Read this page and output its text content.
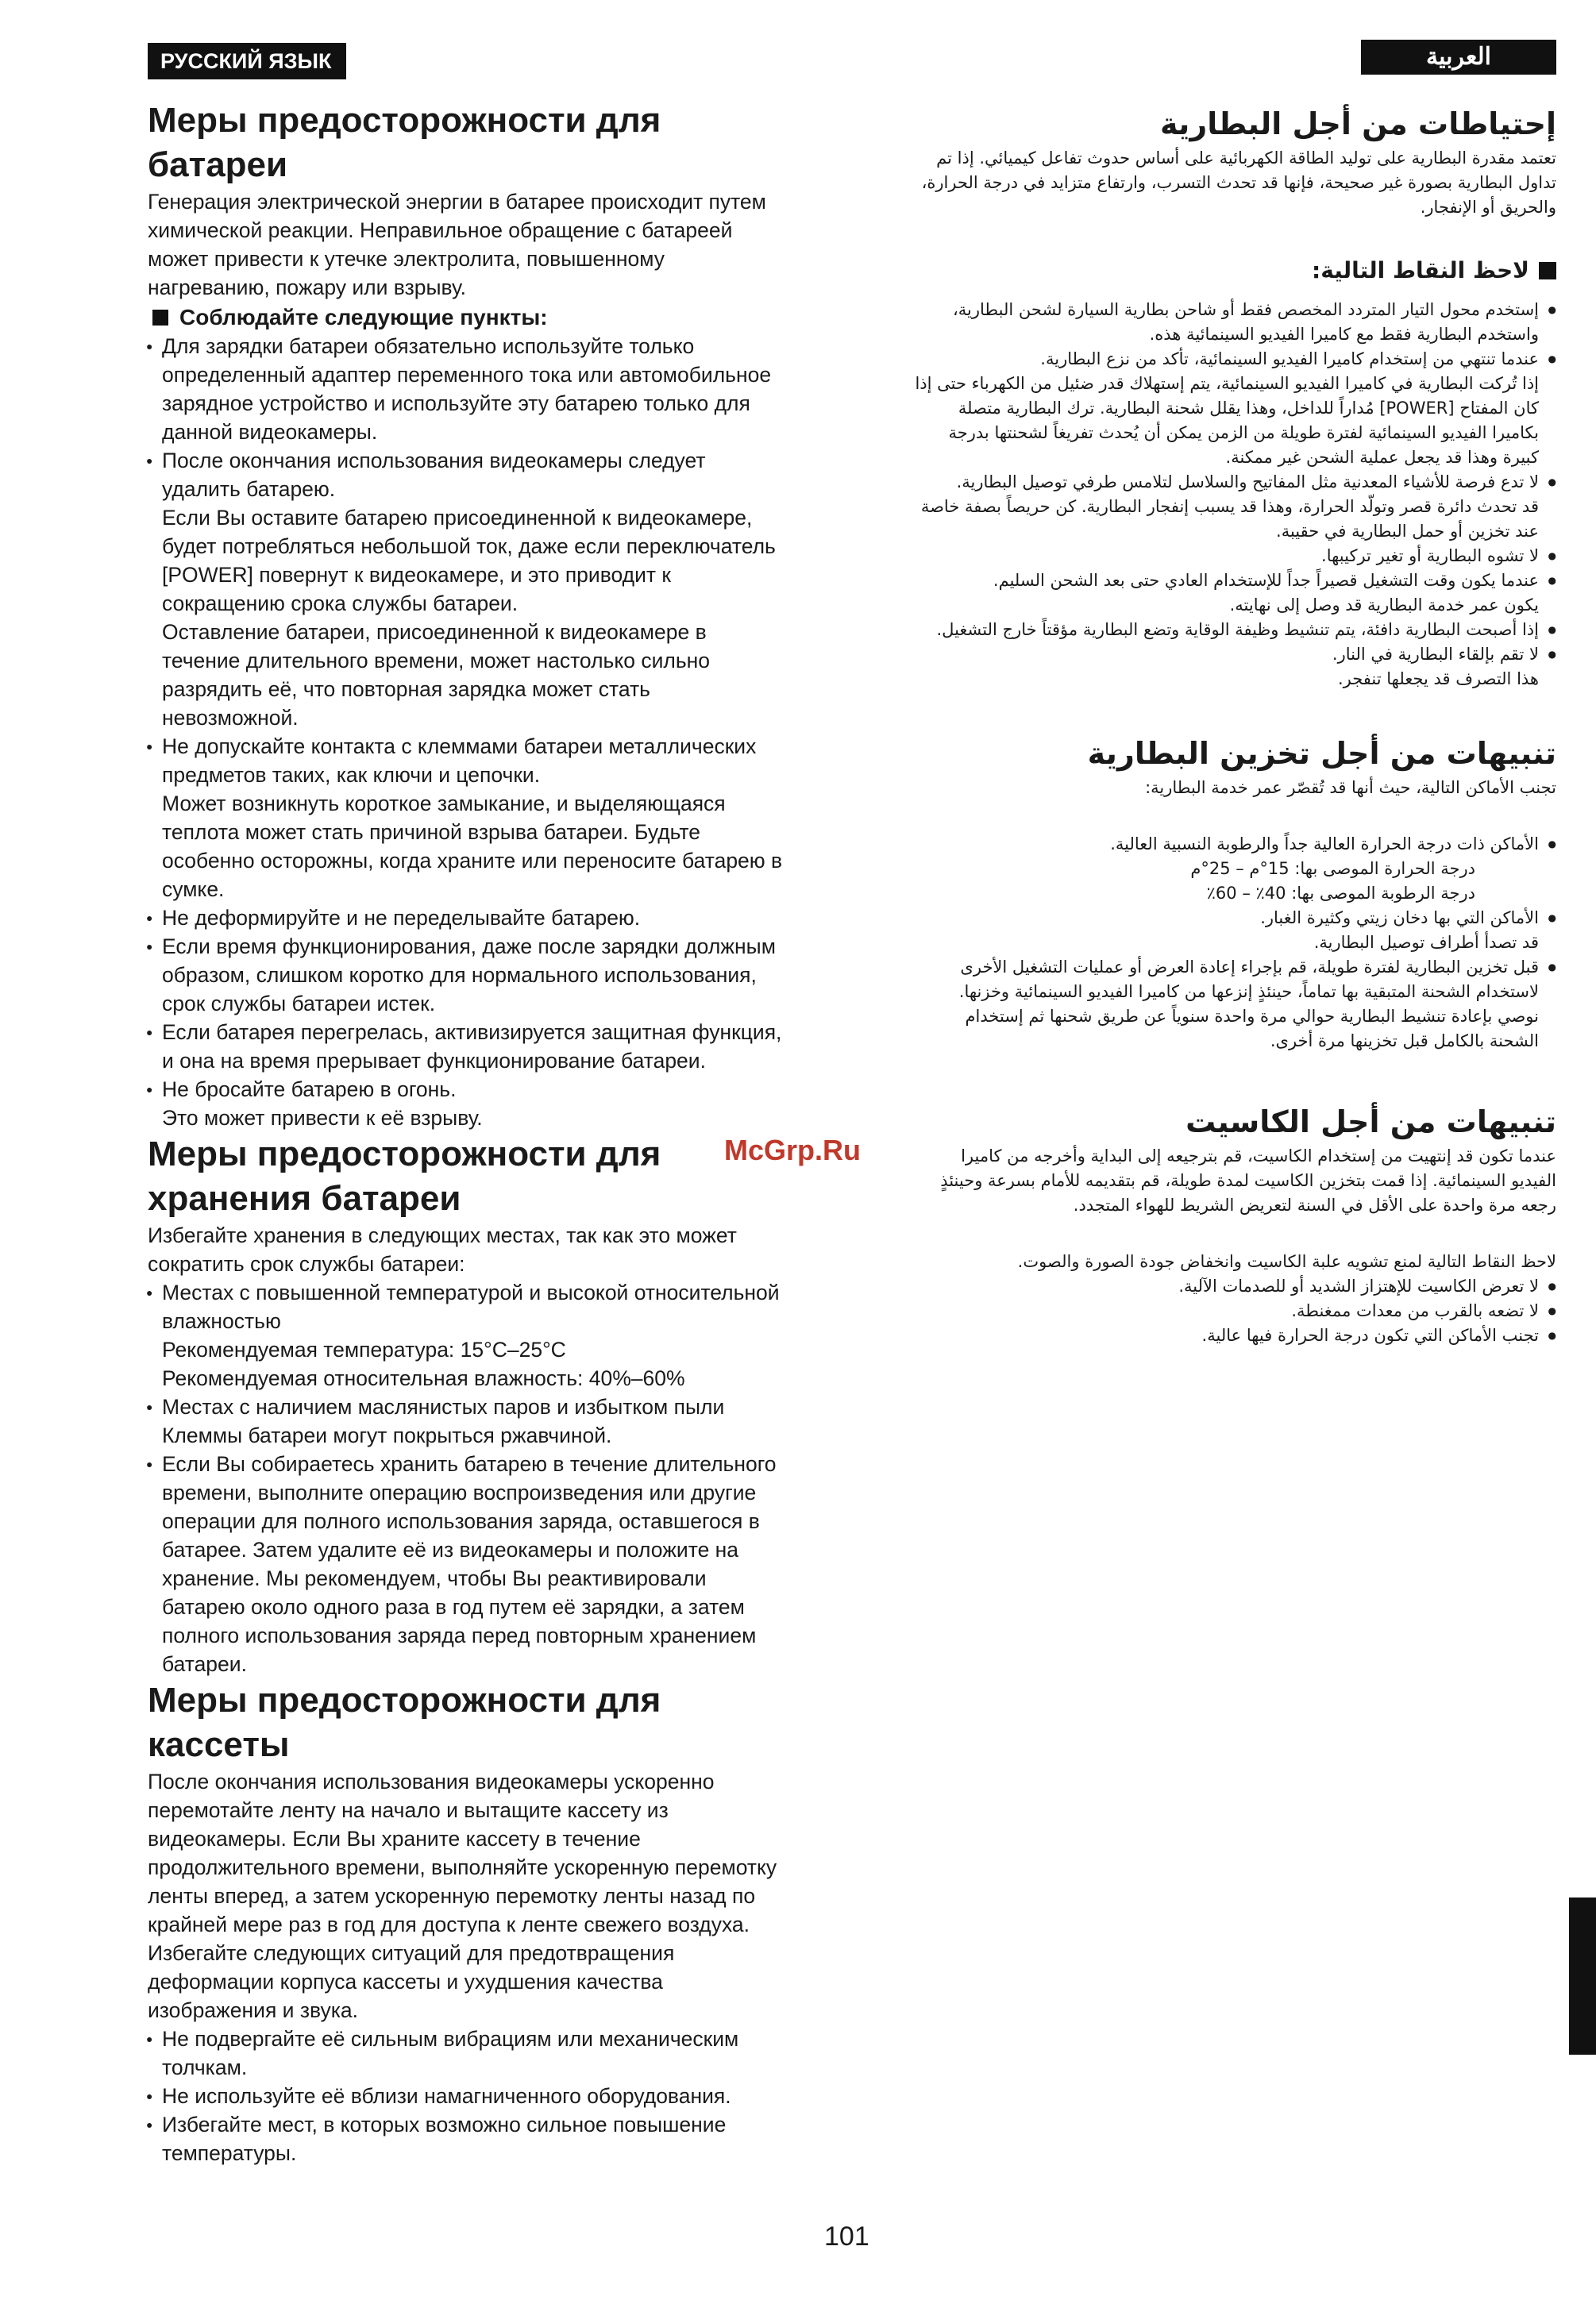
РУССКИЙ ЯЗЫК	العربية
Меры предосторожности для батареи

Генерация электрической энергии в батарее происходит путем химической реакции. Неправильное обращение с батареей может привести к утечке электролита, повышенному нагреванию, пожару или взрыву.

Соблюдайте следующие пункты:

● Для зарядки батареи обязательно используйте только определенный адаптер переменного тока или автомобильное зарядное устройство и используйте эту батарею только для данной видеокамеры.
● После окончания использования видеокамеры следует удалить батарею.

Если Вы оставите батарею присоединенной к видеокамере, будет потребляться небольшой ток, даже если переключатель [POWER] повернут к видеокамере, и это приводит к сокращению срока службы батареи.

Оставление батареи, присоединенной к видеокамере в течение длительного времени, может настолько сильно разрядить её, что повторная зарядка может стать невозможной.

● Не допускайте контакта с клеммами батареи металлических предметов таких, как ключи и цепочки.

Может возникнуть короткое замыкание, и выделяющаяся теплота может стать причиной взрыва батареи. Будьте особенно осторожны, когда храните или переносите батарею в сумке.

● Не деформируйте и не переделывайте батарею.
● Если время функционирования, даже после зарядки должным образом, слишком коротко для нормального использования, срок службы батареи истек.
● Если батарея перегрелась, активизируется защитная функция, и она на время прерывает функционирование батареи.
● Не бросайте батарею в огонь.

Это может привести к её взрыву.

Меры предосторожности для хранения батареи

Избегайте хранения в следующих местах, так как это может сократить срок службы батареи:

● Местах с повышенной температурой и высокой относительной влажностью

Рекомендуемая температура: 15°C–25°C

Рекомендуемая относительная влажность: 40%–60%

● Местах с наличием маслянистых паров и избытком пыли

Клеммы батареи могут покрыться ржавчиной.

● Если Вы собираетесь хранить батарею в течение длительного времени, выполните операцию воспроизведения или другие операции для полного использования заряда, оставшегося в батарее. Затем удалите её из видеокамеры и положите на хранение. Мы рекомендуем, чтобы Вы реактивировали батарею около одного раза в год путем её зарядки, а затем полного использования заряда перед повторным хранением батареи.
Меры предосторожности для кассеты

После окончания использования видеокамеры ускоренно перемотайте ленту на начало и вытащите кассету из видеокамеры. Если Вы храните кассету в течение продолжительного времени, выполняйте ускоренную перемотку ленты вперед, а затем ускоренную перемотку ленты назад по крайней мере раз в год для доступа к ленте свежего воздуха.

Избегайте следующих ситуаций для предотвращения деформации корпуса кассеты и ухудшения качества изображения и звука.

● Не подвергайте её сильным вибрациям или механическим толчкам.
● Не используйте её вблизи намагниченного оборудования.
● Избегайте мест, в которых возможно сильное повышение температуры.
إحتياطات من أجل البطارية

تعتمد مقدرة البطارية على توليد الطاقة الكهربائية على أساس حدوث تفاعل كيميائي. إذا تم تداول البطارية بصورة غير صحيحة، فإنها قد تحدث التسرب، وارتفاع متزايد في درجة الحرارة، والحريق أو الإنفجار.

لاحظ النقاط التالية:

● إستخدم محول التيار المتردد المخصص فقط أو شاحن بطارية السيارة لشحن البطارية، واستخدم البطارية فقط مع كاميرا الفيديو السينمائية هذه.
● عندما تنتهي من إستخدام كاميرا الفيديو السينمائية، تأكد من نزع البطارية.

إذا تُركت البطارية في كاميرا الفيديو السينمائية، يتم إستهلاك قدر ضئيل من الكهرباء حتى إذا كان المفتاح [POWER] مُداراً للداخل، وهذا يقلل شحنة البطارية. ترك البطارية متصلة بكاميرا الفيديو السينمائية لفترة طويلة من الزمن يمكن أن يُحدث تفريغاً لشحنتها بدرجة كبيرة وهذا قد يجعل عملية الشحن غير ممكنة.

● لا تدع فرصة للأشياء المعدنية مثل المفاتيح والسلاسل لتلامس طرفي توصيل البطارية.

قد تحدث دائرة قصر وتولّد الحرارة، وهذا قد يسبب إنفجار البطارية. كن حريصاً بصفة خاصة عند تخزين أو حمل البطارية في حقيبة.

● لا تشوه البطارية أو تغير تركيبها.
● عندما يكون وقت التشغيل قصيراً جداً للإستخدام العادي حتى بعد الشحن السليم.

يكون عمر خدمة البطارية قد وصل إلى نهايته.

● إذا أصبحت البطارية دافئة، يتم تنشيط وظيفة الوقاية وتضع البطارية مؤقتاً خارج التشغيل.
● لا تقم بإلقاء البطارية في النار.

هذا التصرف قد يجعلها تنفجر.

تنبيهات من أجل تخزين البطارية

تجنب الأماكن التالية، حيث أنها قد تُقصّر عمر خدمة البطارية:

● الأماكن ذات درجة الحرارة العالية جداً والرطوبة النسبية العالية.

درجة الحرارة الموصى بها: 15°م – 25°م

درجة الرطوبة الموصى بها: 40٪ – 60٪

● الأماكن التي بها دخان زيتي وكثيرة الغبار.

قد تصدأ أطراف توصيل البطارية.

● قبل تخزين البطارية لفترة طويلة، قم بإجراء إعادة العرض أو عمليات التشغيل الأخرى لاستخدام الشحنة المتبقية بها تماماً، حينئذٍ إنزعها من كاميرا الفيديو السينمائية وخزنها. نوصي بإعادة تنشيط البطارية حوالي مرة واحدة سنوياً عن طريق شحنها ثم إستخدام الشحنة بالكامل قبل تخزينها مرة أخرى.
تنبيهات من أجل الكاسيت

عندما تكون قد إنتهيت من إستخدام الكاسيت، قم بترجيعه إلى البداية وأخرجه من كاميرا الفيديو السينمائية. إذا قمت بتخزين الكاسيت لمدة طويلة، قم بتقديمه للأمام بسرعة وحينئذٍ رجعه مرة واحدة على الأقل في السنة لتعريض الشريط للهواء المتجدد.

لاحظ النقاط التالية لمنع تشويه علبة الكاسيت وانخفاض جودة الصورة والصوت.

● لا تعرض الكاسيت للإهتزاز الشديد أو للصدمات الآلية.
● لا تضعه بالقرب من معدات ممغنطة.
● تجنب الأماكن التي تكون درجة الحرارة فيها عالية.
McGrp.Ru
101
